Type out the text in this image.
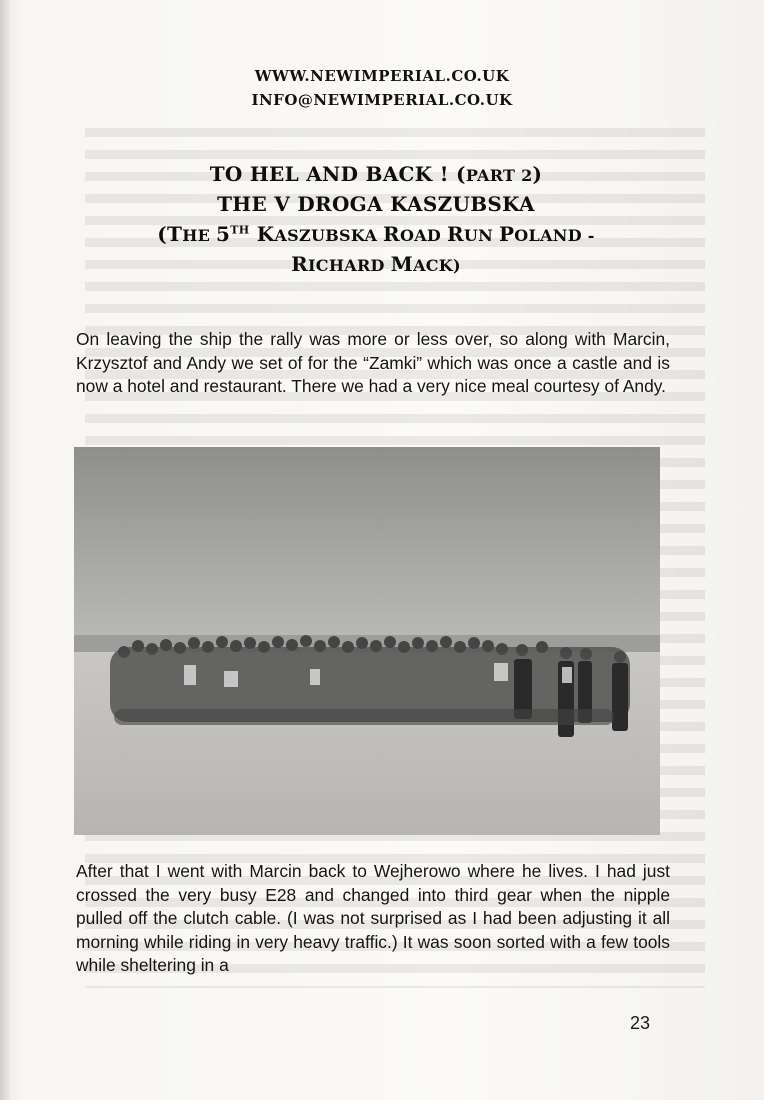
WWW.NEWIMPERIAL.CO.UK
INFO@NEWIMPERIAL.CO.UK
TO HEL AND BACK ! (PART 2)
THE V DROGA KASZUBSKA
(THE 5TH KASZUBSKA ROAD RUN POLAND -
RICHARD MACK)
On leaving the ship the rally was more or less over, so along with Marcin, Krzysztof and Andy we set of for the “Zamki” which was once a castle and is now a hotel and restaurant. There we had a very nice meal courtesy of Andy.
After that I went with Marcin back to Wejherowo where he lives. I had just crossed the very busy E28 and changed into third gear when the nipple pulled off the clutch cable. (I was not surprised as I had been adjusting it all morning while riding in very heavy traffic.) It was soon sorted with a few tools while sheltering in a
23
